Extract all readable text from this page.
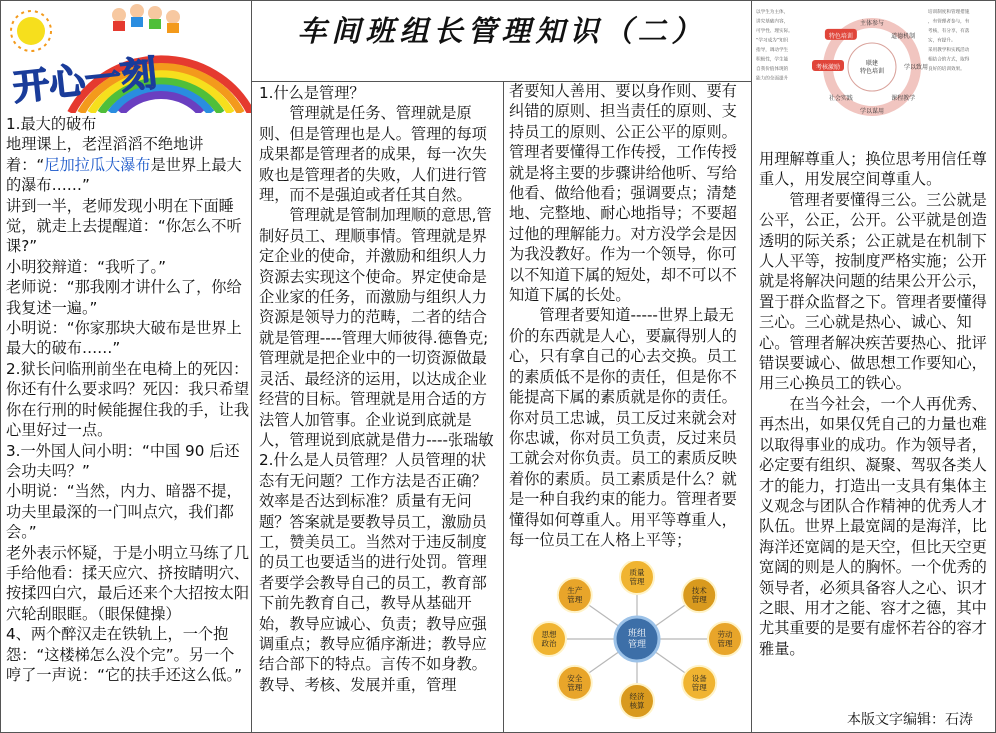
开心一刻

1.最大的破布

地理课上，老涅滔滔不绝地讲着：“尼加拉瓜大瀑布是世界上最大的瀑布……”

讲到一半，老师发现小明在下面睡觉，就走上去提醒道：“你怎么不听课?”

小明狡辩道：“我听了。”

老师说：“那我刚才讲什么了，你给我复述一遍。”

小明说：“你家那块大破布是世界上最大的破布……”

2.狱长问临刑前坐在电椅上的死囚：你还有什么要求吗？死囚：我只希望你在行刑的时候能握住我的手，让我心里好过一点。

3.一外国人问小明：“中国 90 后还会功夫吗？”

小明说：“当然，内力、暗器不提，功夫里最深的一门叫点穴，我们都会。”

老外表示怀疑，于是小明立马练了几手给他看：揉天应穴、挤按睛明穴、按揉四白穴，最后还来个大招按太阳穴轮刮眼眶。（眼保健操）

4、两个醉汉走在铁轨上，一个抱怨：“这楼梯怎么没个完”。另一个哼了一声说：“它的扶手还这么低。”

1.什么是管理？

管理就是任务、管理就是原则、但是管理也是人。管理的每项成果都是管理者的成果，每一次失败也是管理者的失败，人们进行管理，而不是强迫或者任其自然。

管理就是管制加理顺的意思,管制好员工、理顺事情。管理就是界定企业的使命，并激励和组织人力资源去实现这个使命。界定使命是企业家的任务，而激励与组织人力资源是领导力的范畴，二者的结合就是管理----管理大师彼得.德鲁克;管理就是把企业中的一切资源做最灵活、最经济的运用，以达成企业经营的目标。管理就是用合适的方法管人加管事。企业说到底就是人，管理说到底就是借力----张瑞敏

2.什么是人员管理？人员管理的状态有无问题？工作方法是否正确？效率是否达到标准？质量有无问题？答案就是要教导员工，激励员工，赞美员工。当然对于违反制度的员工也要适当的进行处罚。管理者要学会教导自己的员工，教育部下前先教育自己，教导从基础开始，教导应诚心、负责；教导应强调重点；教导应循序渐进；教导应结合部下的特点。言传不如身教。教导、考核、发展并重，管理

者要知人善用、要以身作则、要有纠错的原则、担当责任的原则、支持员工的原则、公正公平的原则。管理者要懂得工作传授，工作传授就是将主要的步骤讲给他听、写给他看、做给他看；强调要点；清楚地、完整地、耐心地指导；不要超过他的理解能力。对方没学会是因为我没教好。作为一个领导，你可以不知道下属的短处，却不可以不知道下属的长处。

管理者要知道-----世界上最无价的东西就是人心，要赢得别人的心，只有拿自己的心去交换。员工的素质低不是你的责任，但是你不能提高下属的素质就是你的责任。你对员工忠诚，员工反过来就会对你忠诚，你对员工负责，反过来员工就会对你负责。员工的素质反映着你的素质。员工素质是什么？就是一种自我约束的能力。管理者要懂得如何尊重人。用平等尊重人，每一位员工在人格上平等；

生产管理
质量管理
技术管理
劳动管理
设备管理
经济核算
安全管理
思想政治
班组管理
以学生为主体，
讲究基础内容，
可学性、理实际。
“学习成为”知识
指导，调动学生
积极性，学生能
自我价值体现的
能力的全面提升
培训制度和管理措施
，有管理者参与，有
考核，有分享，有落
实，有提升。
采用教学和实践活动
相结合的方式，取得
良好的培训效果。
主体参与
道德机制
学以致用
课程教学
学以谋用
社会实践
考核激励
特色培训
联建特色培训

用理解尊重人；换位思考用信任尊重人，用发展空间尊重人。

管理者要懂得三公。三公就是公平，公正，公开。公平就是创造透明的际关系；公正就是在机制下人人平等，按制度严格实施；公开就是将解决问题的结果公开公示，置于群众监督之下。管理者要懂得三心。三心就是热心、诚心、知心。管理者解决疾苦要热心、批评错误要诚心、做思想工作要知心，用三心换员工的铁心。

在当今社会，一个人再优秀、再杰出，如果仅凭自己的力量也难以取得事业的成功。作为领导者，必定要有组织、凝聚、驾驭各类人才的能力，打造出一支具有集体主义观念与团队合作精神的优秀人才队伍。世界上最宽阔的是海洋，比海洋还宽阔的是天空，但比天空更宽阔的则是人的胸怀。一个优秀的领导者，必须具备容人之心、识才之眼、用才之能、容才之德，其中尤其重要的是要有虚怀若谷的容才雅量。

本版文字编辑：石涛
车间班组长管理知识（二）
